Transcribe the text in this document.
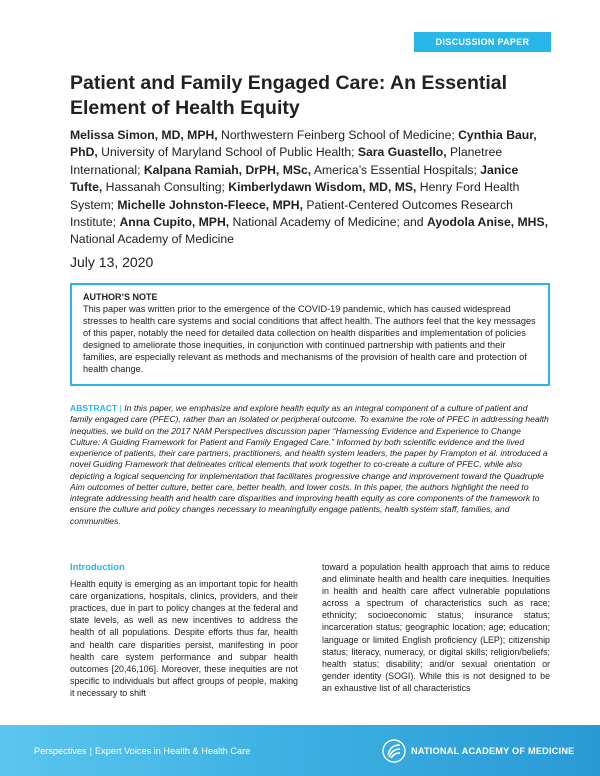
DISCUSSION PAPER
Patient and Family Engaged Care: An Essential Element of Health Equity
Melissa Simon, MD, MPH, Northwestern Feinberg School of Medicine; Cynthia Baur, PhD, University of Maryland School of Public Health; Sara Guastello, Planetree International; Kalpana Ramiah, DrPH, MSc, America’s Essential Hospitals; Janice Tufte, Hassanah Consulting; Kimberlydawn Wisdom, MD, MS, Henry Ford Health System; Michelle Johnston-Fleece, MPH, Patient-Centered Outcomes Research Institute; Anna Cupito, MPH, National Academy of Medicine; and Ayodola Anise, MHS, National Academy of Medicine
July 13, 2020
AUTHOR’S NOTE
This paper was written prior to the emergence of the COVID-19 pandemic, which has caused widespread stresses to health care systems and social conditions that affect health. The authors feel that the key messages of this paper, notably the need for detailed data collection on health disparities and implementation of policies designed to ameliorate those inequities, in conjunction with continued partnership with patients and their families, are especially relevant as methods and mechanisms of the provision of health care and protection of health change.

ABSTRACT | In this paper, we emphasize and explore health equity as an integral component of a culture of patient and family engaged care (PFEC), rather than an isolated or peripheral outcome. To examine the role of PFEC in addressing health inequities, we build on the 2017 NAM Perspectives discussion paper “Harnessing Evidence and Experience to Change Culture: A Guiding Framework for Patient and Family Engaged Care.” Informed by both scientific evidence and the lived experience of patients, their care partners, practitioners, and health system leaders, the paper by Frampton et al. introduced a novel Guiding Framework that delineates critical elements that work together to co-create a culture of PFEC, while also depicting a logical sequencing for implementation that facilitates progressive change and improvement toward the Quadruple Aim outcomes of better culture, better care, better health, and lower costs. In this paper, the authors highlight the need to integrate addressing health and health care disparities and improving health equity as core components of the framework to ensure the culture and policy changes necessary to meaningfully engage patients, health system staff, families, and communities.

Introduction

Health equity is emerging as an important topic for health care organizations, hospitals, clinics, providers, and their practices, due in part to policy changes at the federal and state levels, as well as new incentives to address the health of all populations. Despite efforts thus far, health and health care disparities persist, manifesting in poor health care system performance and subpar health outcomes [20,46,106]. Moreover, these inequities are not specific to individuals but affect groups of people, making it necessary to shift

toward a population health approach that aims to reduce and eliminate health and health care inequities. Inequities in health and health care affect vulnerable populations across a spectrum of characteristics such as race; ethnicity; socioeconomic status; insurance status; incarceration status; geographic location; age; education; language or limited English proficiency (LEP); citizenship status; literacy, numeracy, or digital skills; religion/beliefs; health status; disability; and/or sexual orientation or gender identity (SOGI). While this is not designed to be an exhaustive list of all characteristics

Perspectives | Expert Voices in Health & Health Care	NATIONAL ACADEMY OF MEDICINE
